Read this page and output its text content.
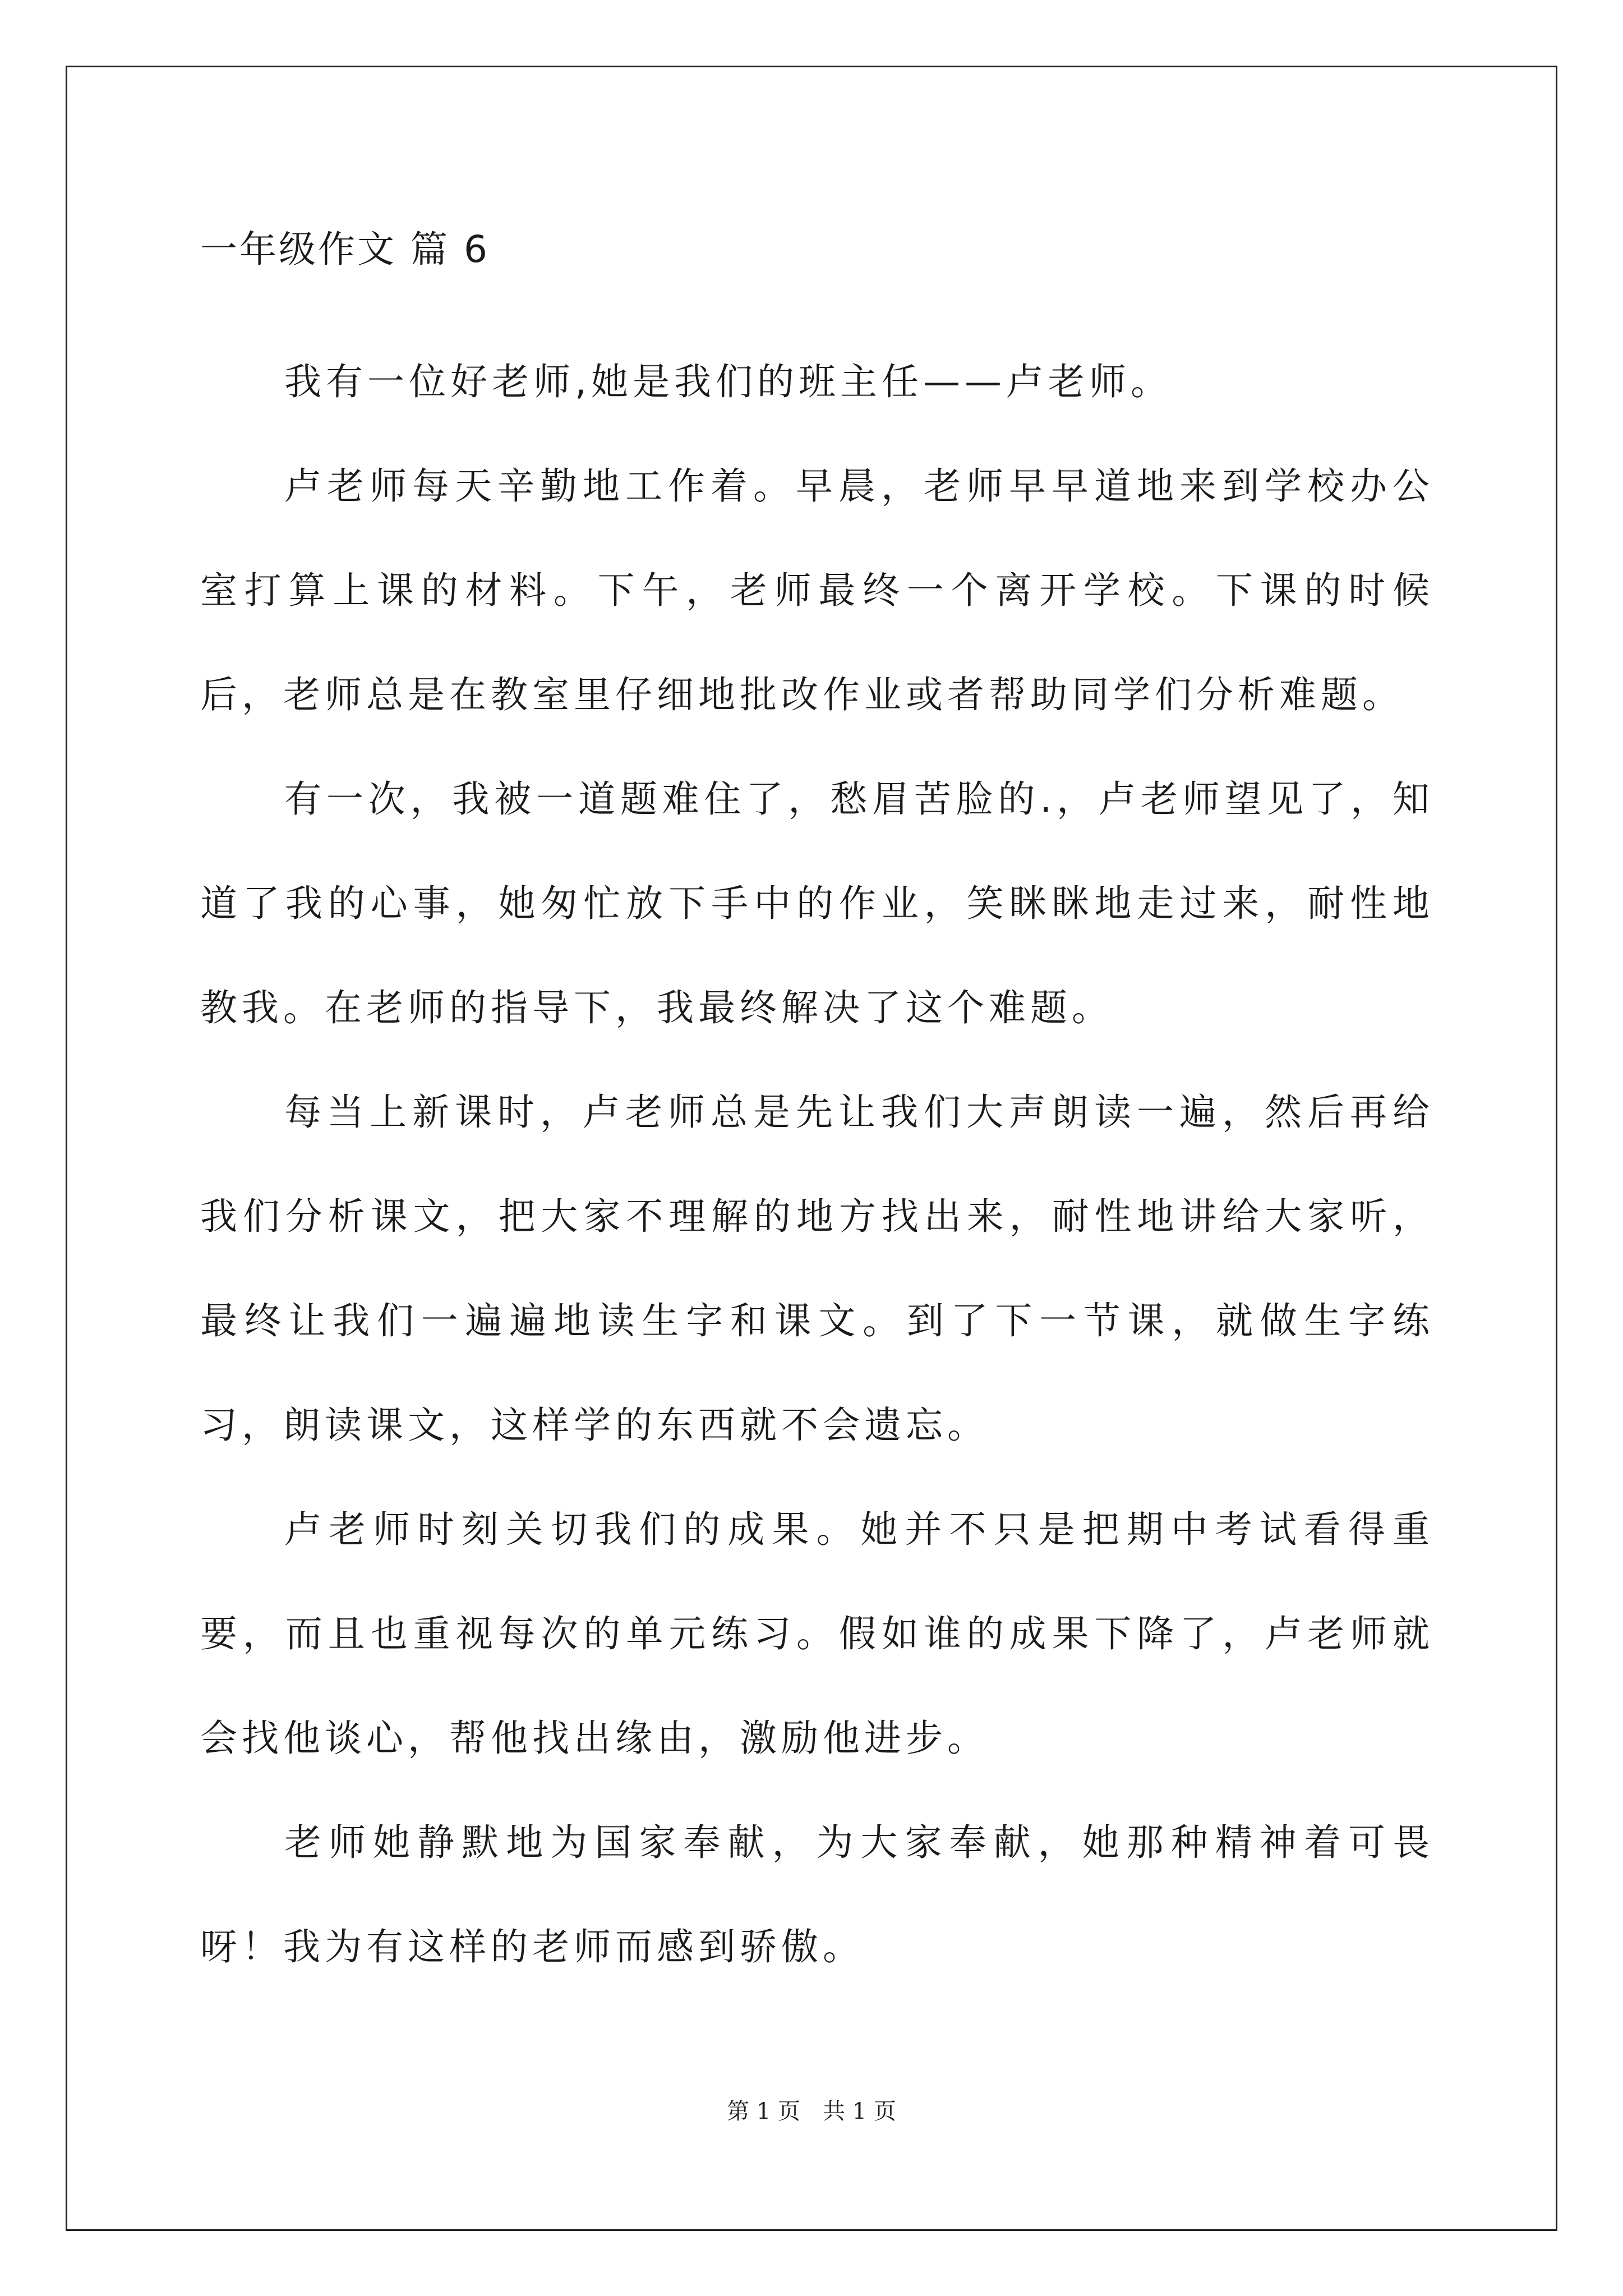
一年级作文 篇 6

我有一位好老师,她是我们的班主任——卢老师。

卢老师每天辛勤地工作着。早晨，老师早早道地来到学校办公室打算上课的材料。下午，老师最终一个离开学校。下课的时候后，老师总是在教室里仔细地批改作业或者帮助同学们分析难题。

有一次，我被一道题难住了，愁眉苦脸的.，卢老师望见了，知道了我的心事，她匆忙放下手中的作业，笑眯眯地走过来，耐性地教我。在老师的指导下，我最终解决了这个难题。

每当上新课时，卢老师总是先让我们大声朗读一遍，然后再给我们分析课文，把大家不理解的地方找出来，耐性地讲给大家听，最终让我们一遍遍地读生字和课文。到了下一节课，就做生字练习，朗读课文，这样学的东西就不会遗忘。

卢老师时刻关切我们的成果。她并不只是把期中考试看得重要，而且也重视每次的单元练习。假如谁的成果下降了，卢老师就会找他谈心，帮他找出缘由，激励他进步。

老师她静默地为国家奉献，为大家奉献，她那种精神着可畏呀！我为有这样的老师而感到骄傲。

第 1 页　共 1 页
